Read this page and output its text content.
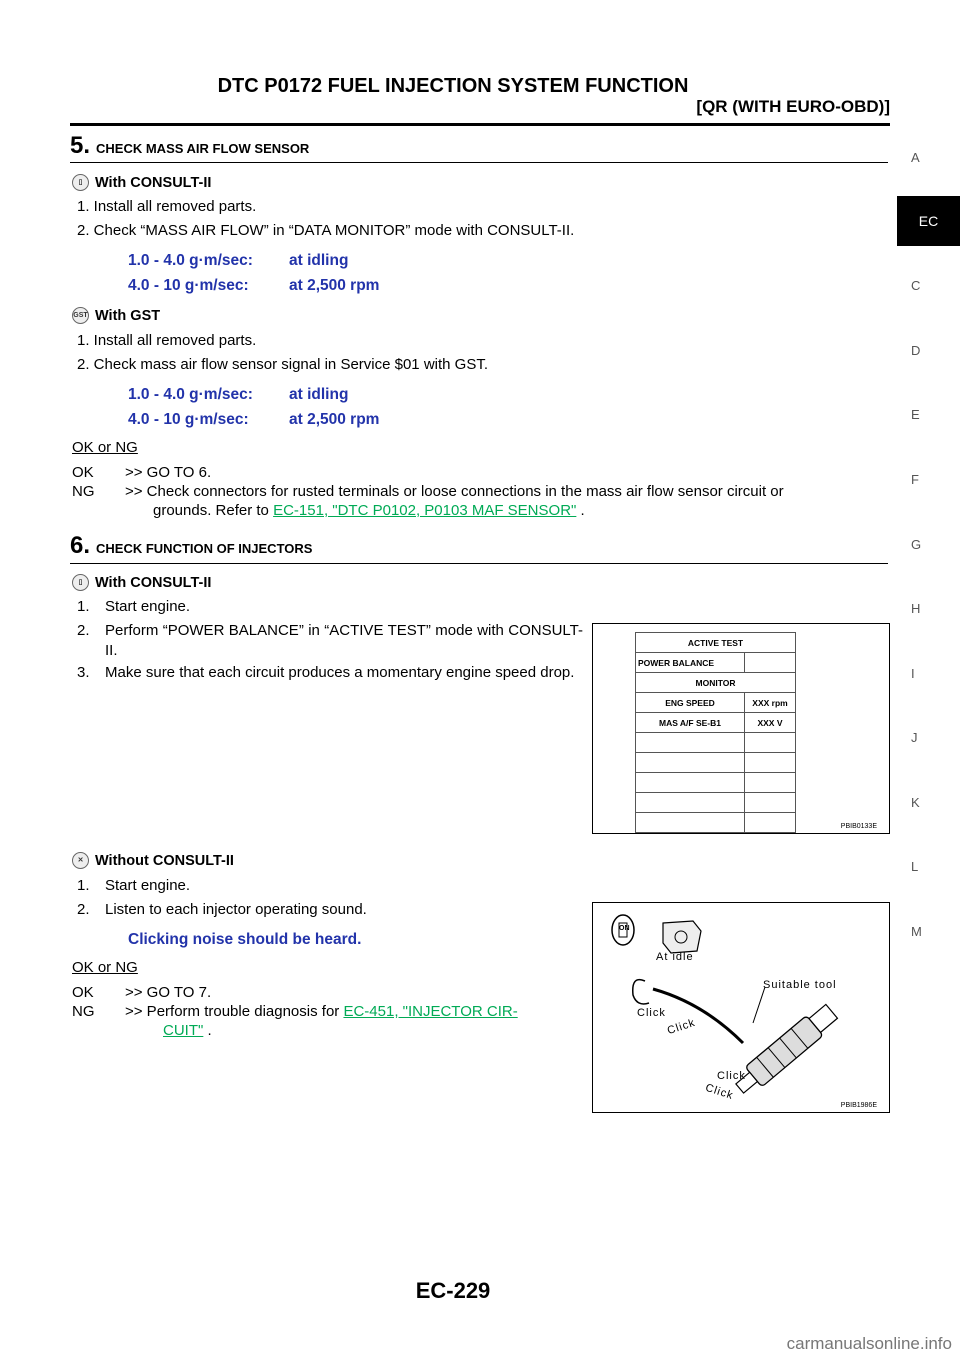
DTC P0172 FUEL INJECTION SYSTEM FUNCTION
[QR (WITH EURO-OBD)]
A
EC
C
D
E
F
G
H
I
J
K
L
M
5. CHECK MASS AIR FLOW SENSOR
▯ With CONSULT-II
1. Install all removed parts.
2. Check “MASS AIR FLOW” in “DATA MONITOR” mode with CONSULT-II.
1.0 - 4.0 g·m/sec: at idling
4.0 - 10 g·m/sec:	at 2,500 rpm
GST With GST
1. Install all removed parts.
2. Check mass air flow sensor signal in Service $01 with GST.
1.0 - 4.0 g·m/sec: at idling
4.0 - 10 g·m/sec:	at 2,500 rpm
OK or NG
OK >> GO TO 6.
NG >> Check connectors for rusted terminals or loose connections in the mass air flow sensor circuit or
grounds. Refer to EC-151, "DTC P0102, P0103 MAF SENSOR" .
6. CHECK FUNCTION OF INJECTORS
▯ With CONSULT-II
1. Start engine.
2. Perform “POWER BALANCE” in “ACTIVE TEST” mode with CONSULT-II.
3. Make sure that each circuit produces a momentary engine speed drop.
ACTIVE TEST	
POWER BALANCE	
MONITOR	
ENG SPEED	XXX rpm
MAS A/F SE-B1	XXX V

PBIB0133E
✕ Without CONSULT-II
1. Start engine.
2. Listen to each injector operating sound.
Clicking noise should be heard.
ON
At idle
Suitable tool
Click
Click
Click
Click
PBIB1986E
OK or NG
OK >> GO TO 7.
NG >> Perform trouble diagnosis for EC-451, "INJECTOR CIR-
CUIT" .
EC-229
carmanualsonline.info
